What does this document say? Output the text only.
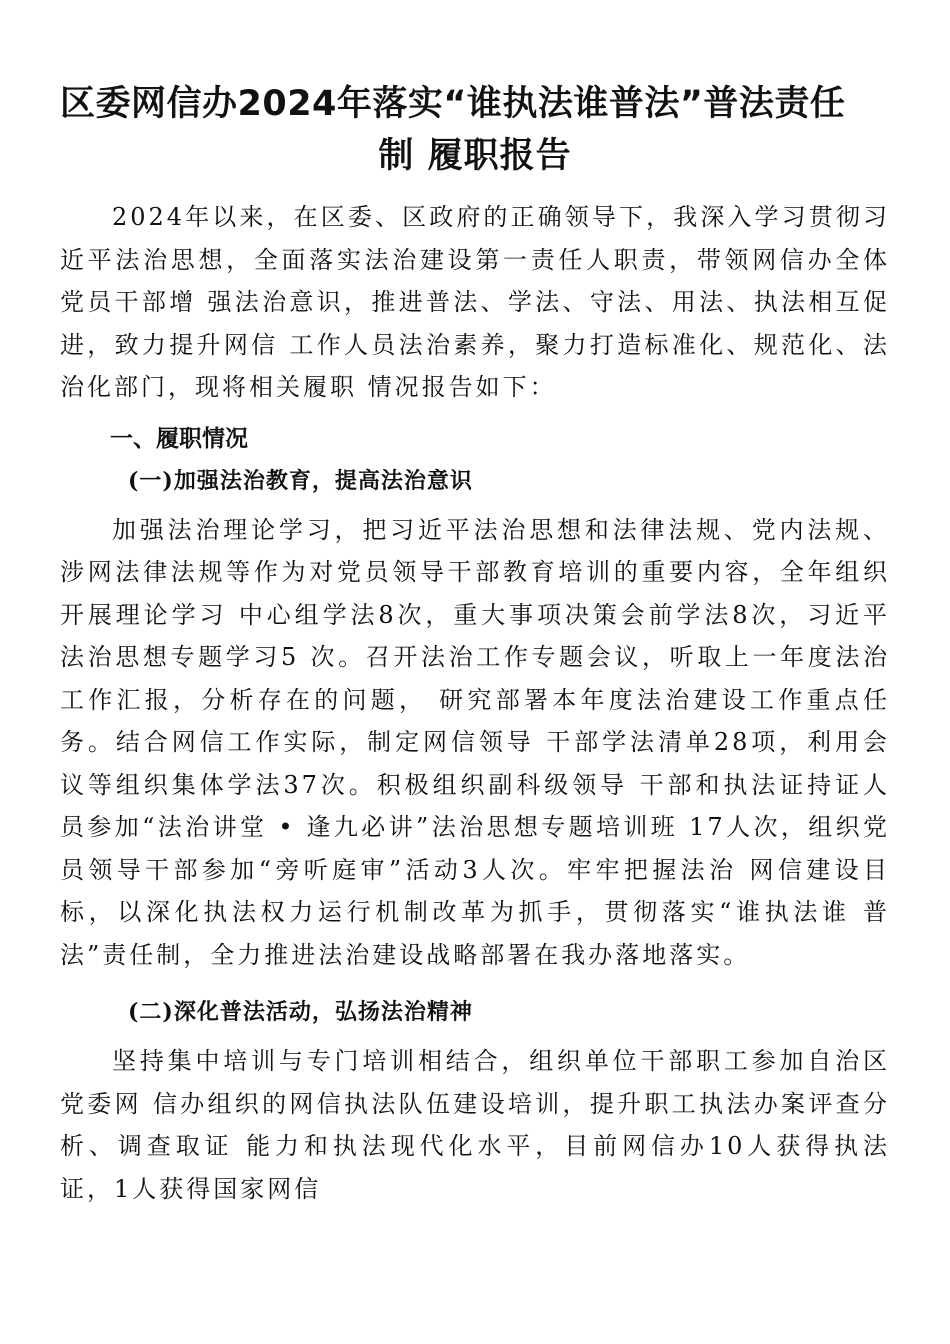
区委网信办2024年落实“谁执法谁普法”普法责任
制 履职报告

2024年以来，在区委、区政府的正确领导下，我深入学习贯彻习近平法治思想，全面落实法治建设第一责任人职责，带领网信办全体党员干部增 强法治意识，推进普法、学法、守法、用法、执法相互促进，致力提升网信 工作人员法治素养，聚力打造标准化、规范化、法治化部门，现将相关履职 情况报告如下：

一、履职情况
(一)加强法治教育，提高法治意识

加强法治理论学习，把习近平法治思想和法律法规、党内法规、涉网法律法规等作为对党员领导干部教育培训的重要内容，全年组织开展理论学习 中心组学法8次，重大事项决策会前学法8次，习近平法治思想专题学习5 次。召开法治工作专题会议，听取上一年度法治工作汇报，分析存在的问题， 研究部署本年度法治建设工作重点任务。结合网信工作实际，制定网信领导 干部学法清单28项，利用会议等组织集体学法37次。积极组织副科级领导 干部和执法证持证人员参加“法治讲堂 • 逢九必讲”法治思想专题培训班 17人次，组织党员领导干部参加“旁听庭审”活动3人次。牢牢把握法治 网信建设目标，以深化执法权力运行机制改革为抓手，贯彻落实“谁执法谁 普法”责任制，全力推进法治建设战略部署在我办落地落实。

(二)深化普法活动，弘扬法治精神

坚持集中培训与专门培训相结合，组织单位干部职工参加自治区党委网 信办组织的网信执法队伍建设培训，提升职工执法办案评查分析、调查取证 能力和执法现代化水平，目前网信办10人获得执法证，1人获得国家网信
